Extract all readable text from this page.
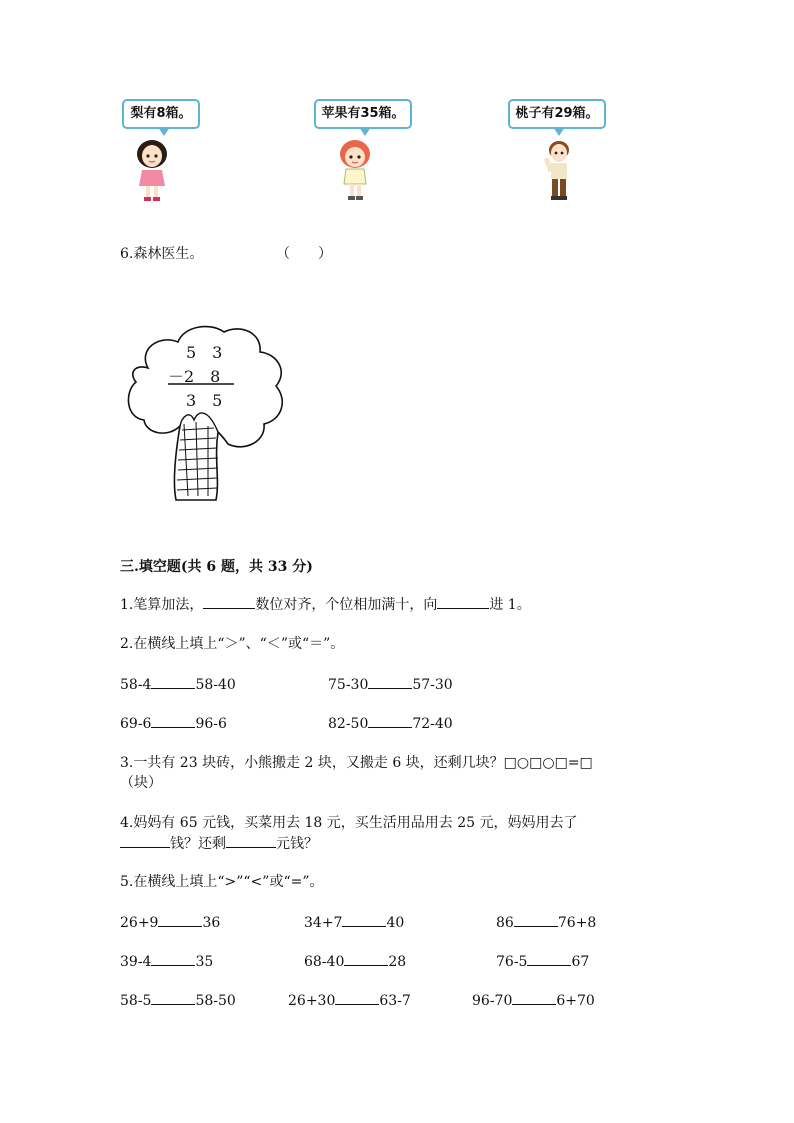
梨有8箱。	苹果有35箱。	桃子有29箱。
6.森林医生。	（　　）
5　3
－2　8
3　5
三.填空题(共 6 题，共 33 分)
1.笔算加法，	数位对齐，个位相加满十，向	进 1。
2.在横线上填上“＞”、“＜”或“＝”。
58-4	58-40	75-30	57-30
69-6	96-6	82-50	72-40
3.一共有 23 块砖，小熊搬走 2 块，又搬走 6 块，还剩几块？□○□○□=□
（块）
4.妈妈有 65 元钱，买菜用去 18 元，买生活用品用去 25 元，妈妈用去了
钱？还剩	元钱？
5.在横线上填上“>”“<”或“=”。
26+9	36	34+7	40	86	76+8
39-4	35	68-40	28	76-5	67
58-5	58-50	26+30	63-7	96-70	6+70
